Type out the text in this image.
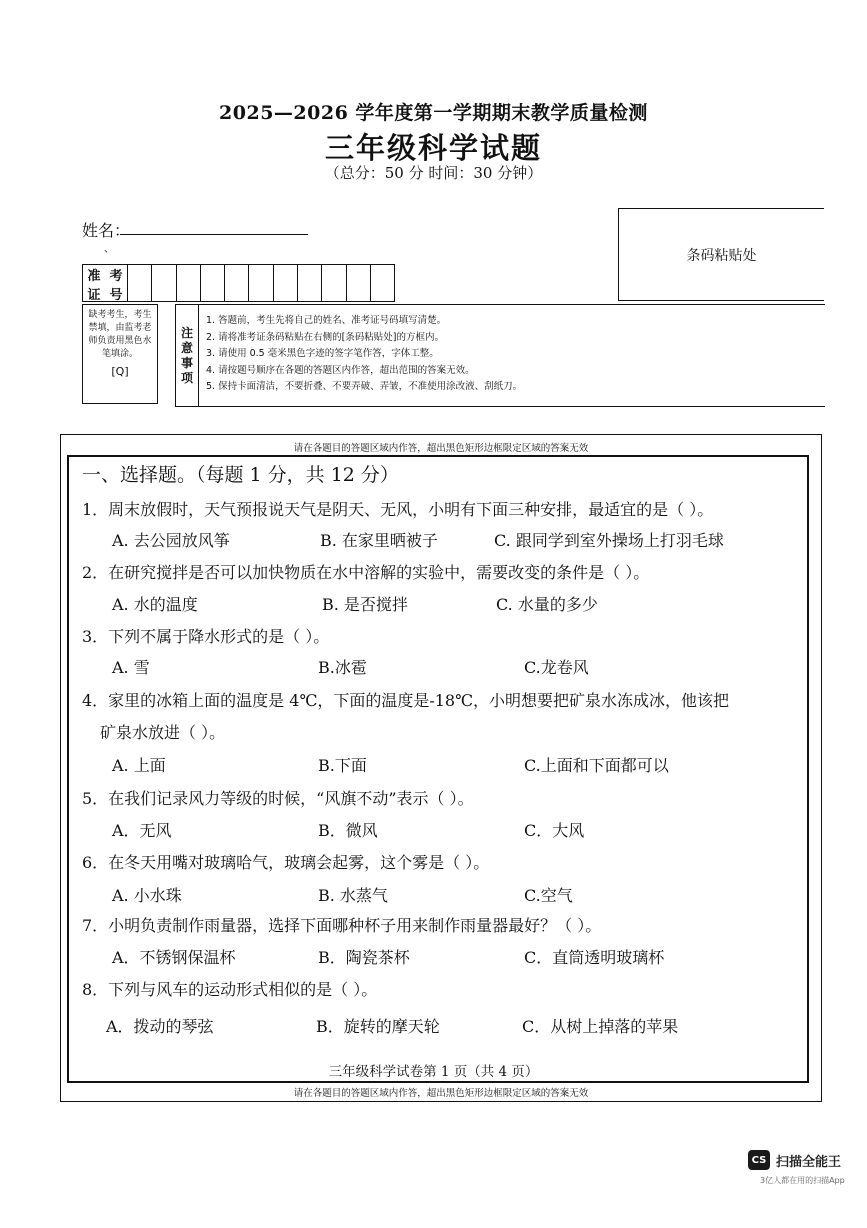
2025—2026 学年度第一学期期末教学质量检测
三年级科学试题
（总分：50 分 时间：30 分钟）
姓名：
、	条码粘贴处
准 考
证 号
缺考考生，考生禁填，由监考老师负责用黑色水笔填涂。
[Q]
注
意
事
项
1. 答题前，考生先将自己的姓名、准考证号码填写清楚。
2. 请将准考证条码粘贴在右侧的[条码粘贴处]的方框内。
3. 请使用 0.5 毫米黑色字迹的签字笔作答，字体工整。
4. 请按题号顺序在各题的答题区内作答，超出范围的答案无效。
5. 保持卡面清洁，不要折叠、不要弄破、弄皱，不准使用涂改液、刮纸刀。
请在各题目的答题区域内作答，超出黑色矩形边框限定区域的答案无效
请在各题目的答题区域内作答，超出黑色矩形边框限定区域的答案无效
一、选择题。（每题 1 分，共 12 分）
1．周末放假时，天气预报说天气是阴天、无风，小明有下面三种安排，最适宜的是（ ）。
A. 去公园放风筝	B. 在家里晒被子	C. 跟同学到室外操场上打羽毛球
2．在研究搅拌是否可以加快物质在水中溶解的实验中，需要改变的条件是（ ）。
A. 水的温度	B. 是否搅拌	C. 水量的多少
3．下列不属于降水形式的是（ ）。
A. 雪	B.冰雹	C.龙卷风
4．家里的冰箱上面的温度是 4℃，下面的温度是-18℃，小明想要把矿泉水冻成冰，他该把
矿泉水放进（ ）。
A. 上面	B.下面	C.上面和下面都可以
5．在我们记录风力等级的时候，“风旗不动”表示（ ）。
A．无风	B．微风	C．大风
6．在冬天用嘴对玻璃哈气，玻璃会起雾，这个雾是（ ）。
A. 小水珠	B. 水蒸气	C.空气
7．小明负责制作雨量器，选择下面哪种杯子用来制作雨量器最好？（ ）。
A．不锈钢保温杯	B．陶瓷茶杯	C．直筒透明玻璃杯
8．下列与风车的运动形式相似的是（ ）。
A．拨动的琴弦	B．旋转的摩天轮	C．从树上掉落的苹果
三年级科学试卷第 1 页（共 4 页）
CS 扫描全能王
3亿人都在用的扫描App
